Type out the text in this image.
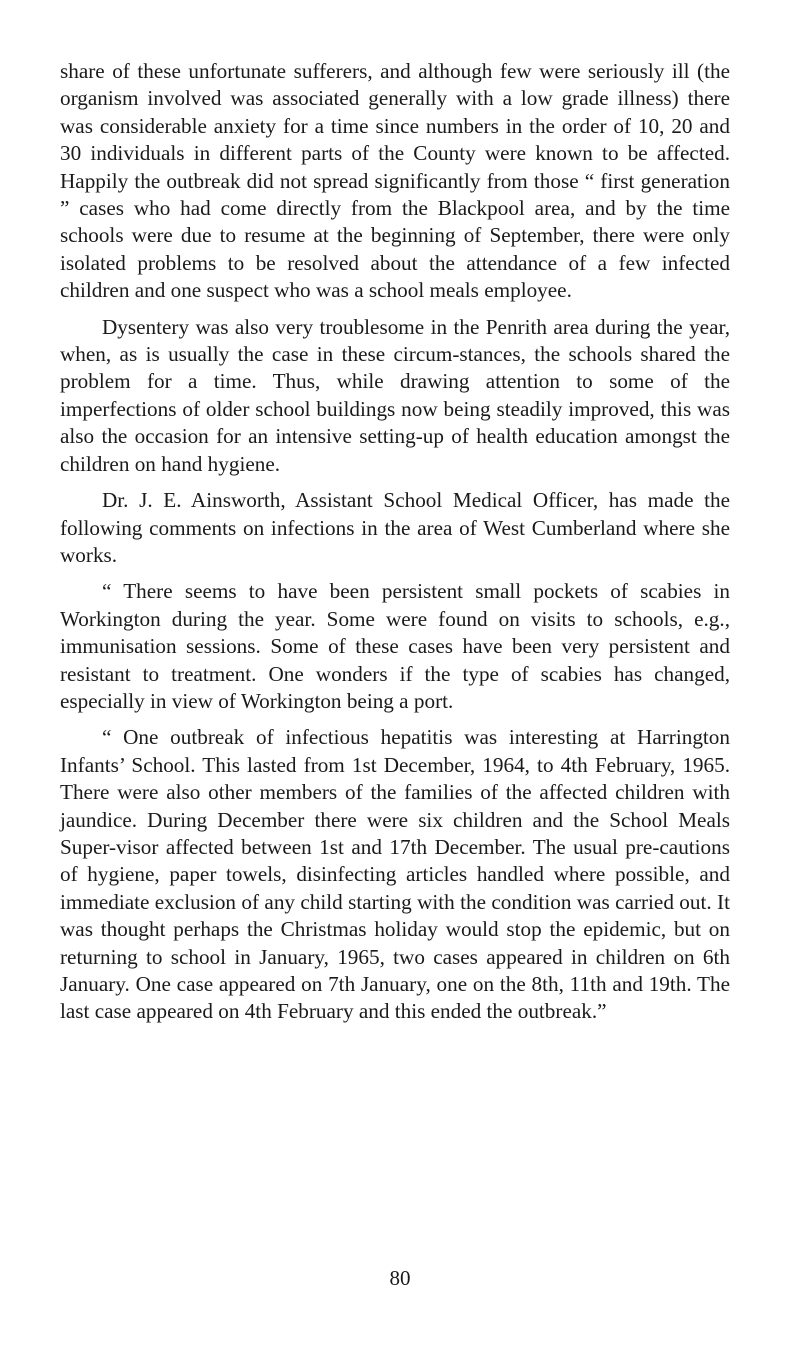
share of these unfortunate sufferers, and although few were seriously ill (the organism involved was associated generally with a low grade illness) there was considerable anxiety for a time since numbers in the order of 10, 20 and 30 individuals in different parts of the County were known to be affected. Happily the outbreak did not spread significantly from those “ first generation ” cases who had come directly from the Blackpool area, and by the time schools were due to resume at the beginning of September, there were only isolated problems to be resolved about the attendance of a few infected children and one suspect who was a school meals employee.

Dysentery was also very troublesome in the Penrith area during the year, when, as is usually the case in these circum-stances, the schools shared the problem for a time. Thus, while drawing attention to some of the imperfections of older school buildings now being steadily improved, this was also the occasion for an intensive setting-up of health education amongst the children on hand hygiene.

Dr. J. E. Ainsworth, Assistant School Medical Officer, has made the following comments on infections in the area of West Cumberland where she works.

“ There seems to have been persistent small pockets of scabies in Workington during the year. Some were found on visits to schools, e.g., immunisation sessions. Some of these cases have been very persistent and resistant to treatment. One wonders if the type of scabies has changed, especially in view of Workington being a port.

“ One outbreak of infectious hepatitis was interesting at Harrington Infants’ School. This lasted from 1st December, 1964, to 4th February, 1965. There were also other members of the families of the affected children with jaundice. During December there were six children and the School Meals Super-visor affected between 1st and 17th December. The usual pre-cautions of hygiene, paper towels, disinfecting articles handled where possible, and immediate exclusion of any child starting with the condition was carried out. It was thought perhaps the Christmas holiday would stop the epidemic, but on returning to school in January, 1965, two cases appeared in children on 6th January. One case appeared on 7th January, one on the 8th, 11th and 19th. The last case appeared on 4th February and this ended the outbreak.”

80
